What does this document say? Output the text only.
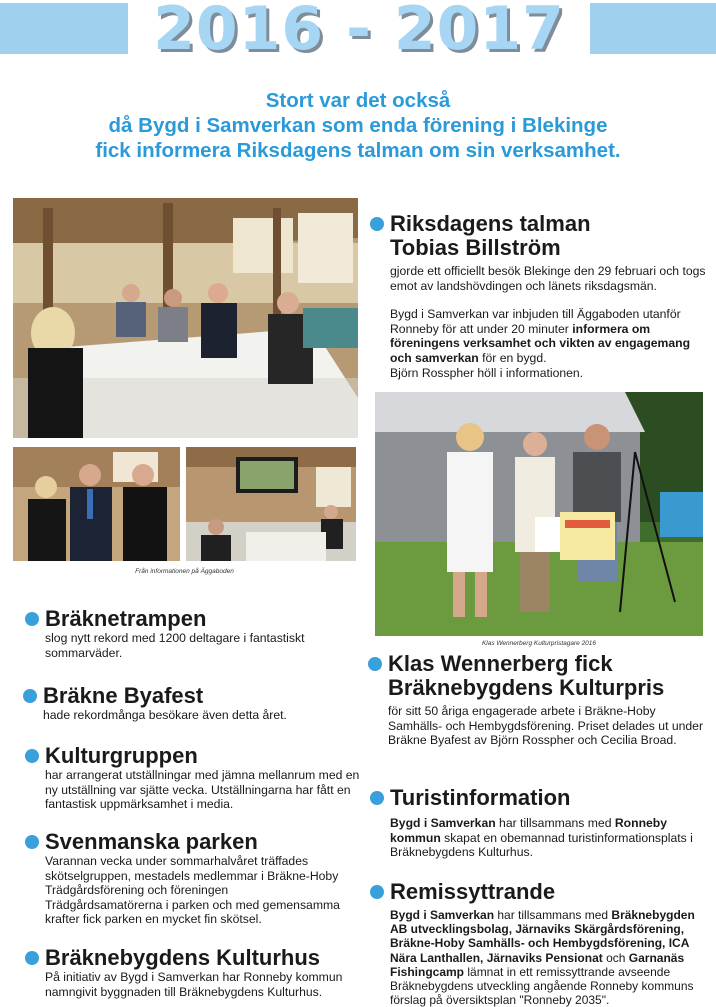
2016 - 2017
Stort var det också
då Bygd i Samverkan som enda förening i Blekinge
fick informera Riksdagens talman om sin verksamhet.
Från informationen på Äggaboden
Klas Wennerberg Kulturpristagare 2016
Riksdagens talman
Tobias Billström

gjorde ett officiellt besök Blekinge den 29 februari och togs emot av landshövdingen och länets riksdagsmän.

Bygd i Samverkan var inbjuden till Äggaboden utanför Ronneby för att under 20 minuter informera om föreningens verksamhet och vikten av engagemang och samverkan för en bygd.
Björn Rosspher höll i informationen.

Bräknetrampen

slog nytt rekord med 1200 deltagare i fantastiskt sommarväder.

Bräkne Byafest

hade rekordmånga besökare även detta året.

Kulturgruppen

har arrangerat utställningar med jämna mellanrum med en ny utställning var sjätte vecka. Utställningarna har fått en fantastisk uppmärksamhet i media.

Svenmanska parken

Varannan vecka under sommarhalvåret träffades skötselgruppen, mestadels medlemmar i Bräkne-Hoby Trädgårdsförening och föreningen Trädgårdsamatörerna i parken och med gemensamma krafter fick parken en mycket fin skötsel.

Bräknebygdens Kulturhus

På initiativ av Bygd i Samverkan har Ronneby kommun namngivit byggnaden till Bräknebygdens Kulturhus.

Klas Wennerberg fick
Bräknebygdens Kulturpris

för sitt 50 åriga engagerade arbete i Bräkne-Hoby Samhälls- och Hembygdsförening. Priset delades ut under Bräkne Byafest av Björn Rosspher och Cecilia Broad.

Turistinformation

Bygd i Samverkan har tillsammans med Ronneby kommun skapat en obemannad turistinformationsplats i Bräknebygdens Kulturhus.

Remissyttrande

Bygd i Samverkan har tillsammans med Bräknebygden AB utvecklingsbolag, Järnaviks Skärgårdsförening, Bräkne-Hoby Samhälls- och Hembygdsförening, ICA Nära Lanthallen, Järnaviks Pensionat och Garnanäs Fishingcamp lämnat in ett remissyttrande avseende Bräknebygdens utveckling angående Ronneby kommuns förslag på översiktsplan "Ronneby 2035".
